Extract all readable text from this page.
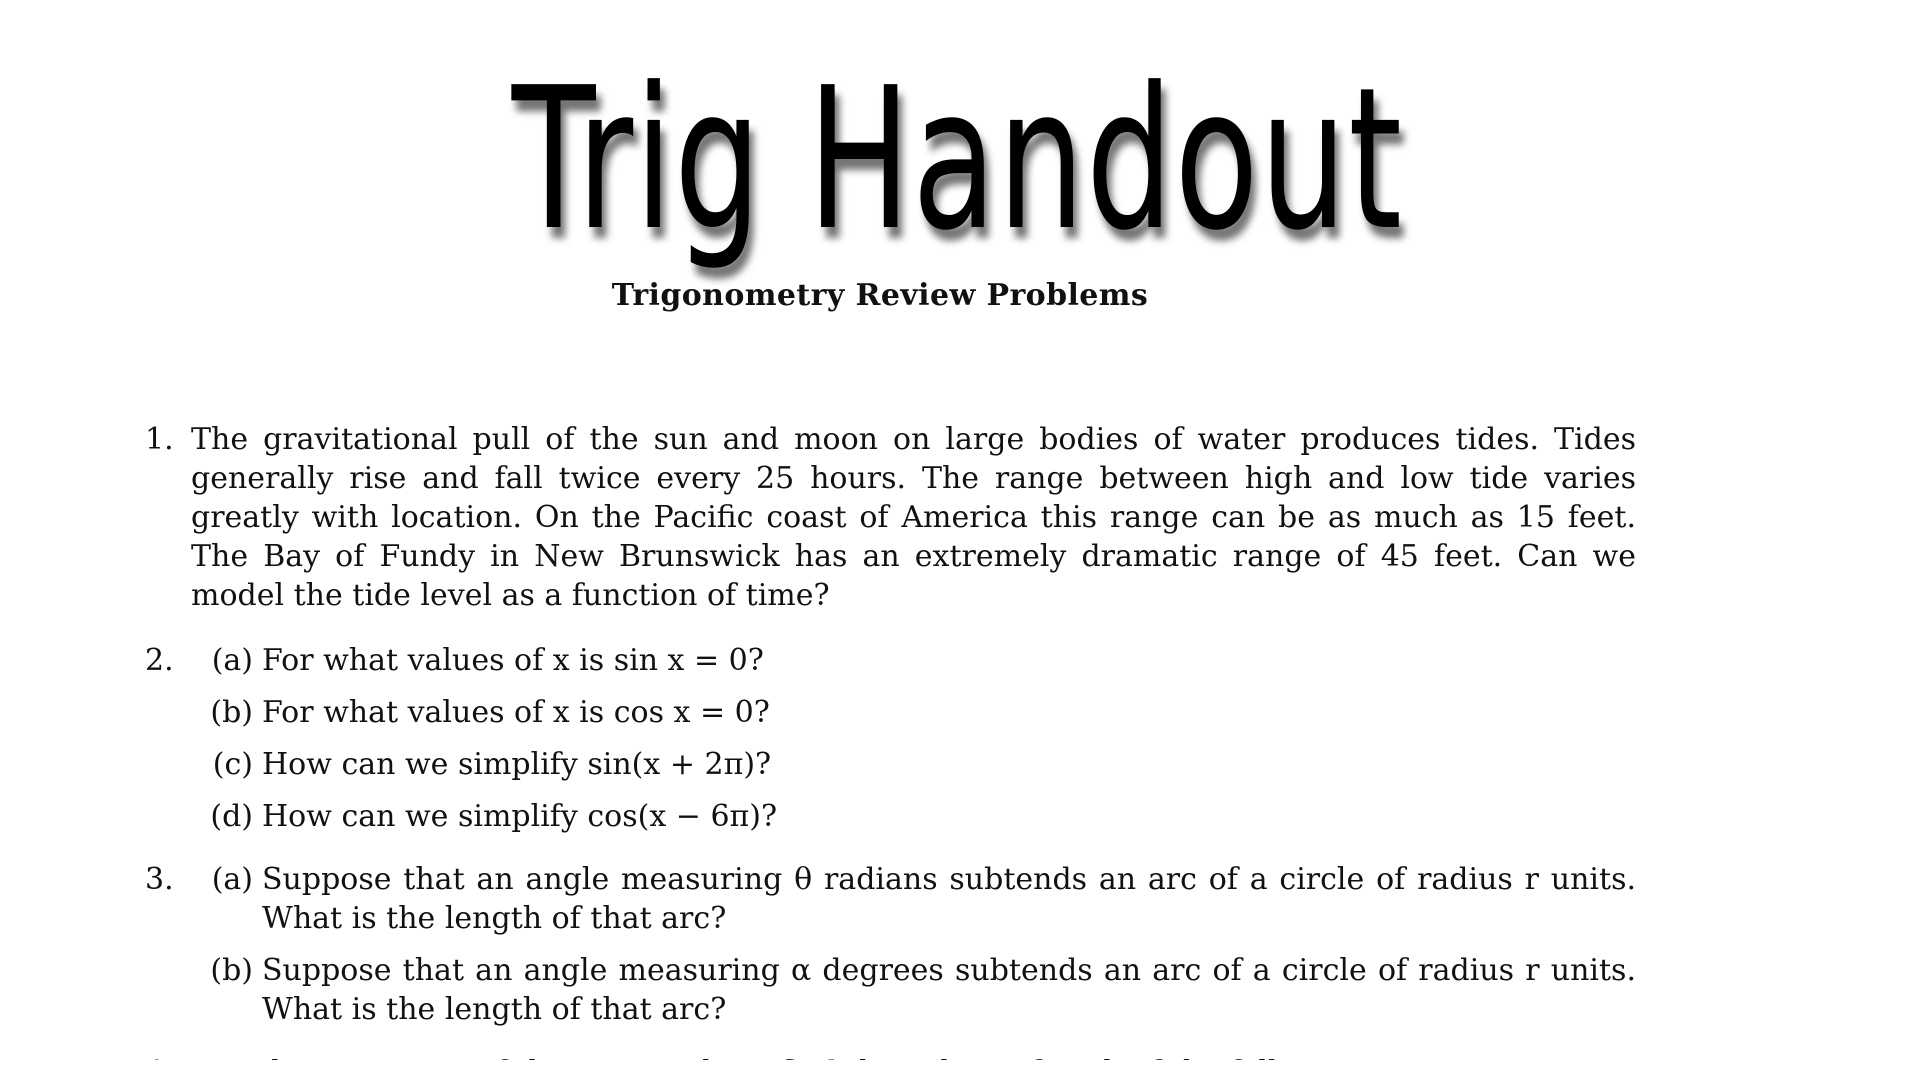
Trig Handout
Trigonometry Review Problems
1. The gravitational pull of the sun and moon on large bodies of water produces tides. Tides generally rise and fall twice every 25 hours. The range between high and low tide varies greatly with location. On the Pacific coast of America this range can be as much as 15 feet. The Bay of Fundy in New Brunswick has an extremely dramatic range of 45 feet. Can we model the tide level as a function of time?
2.	(a) For what values of x is sin x = 0?
(b) For what values of x is cos x = 0?
(c) How can we simplify sin(x + 2π)?
(d) How can we simplify cos(x − 6π)?
3.	(a) Suppose that an angle measuring θ radians subtends an arc of a circle of radius r units. What is the length of that arc?
(b) Suppose that an angle measuring α degrees subtends an arc of a circle of radius r units. What is the length of that arc?
